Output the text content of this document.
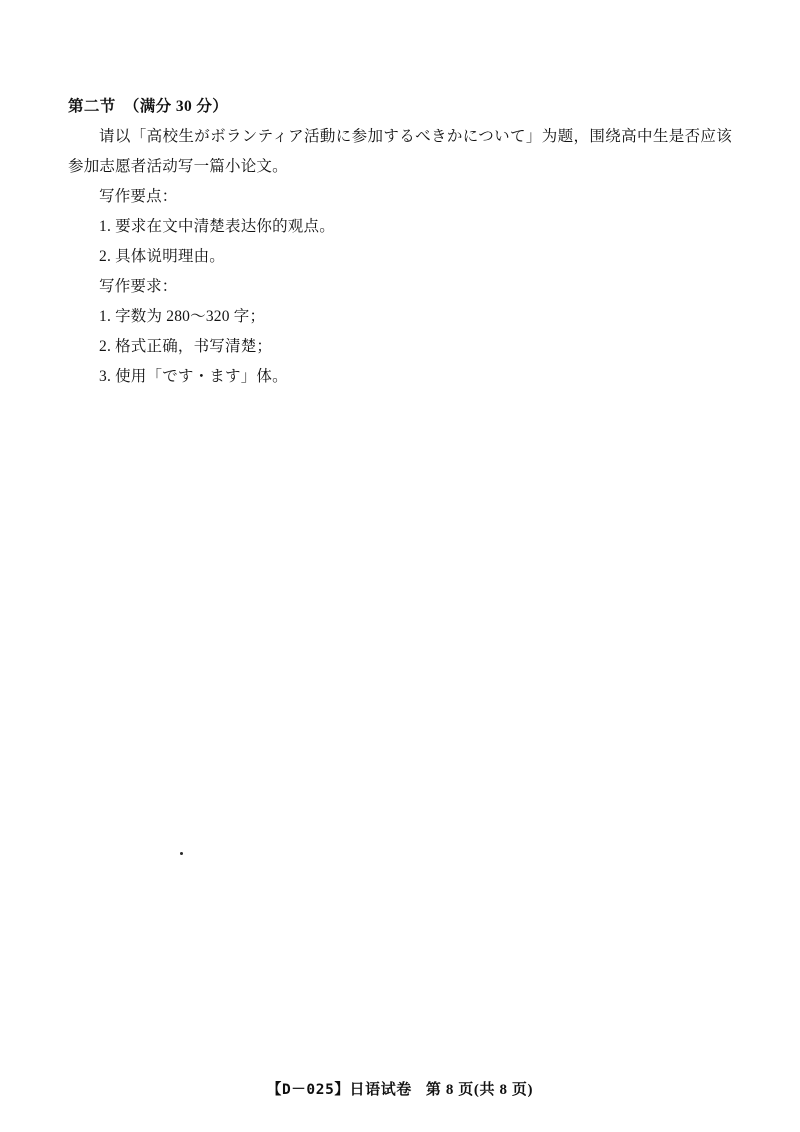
第二节　（满分 30 分）
请以「高校生がボランティア活動に参加するべきかについて」为题，围绕高中生是否应该参加志愿者活动写一篇小论文。
写作要点：
1. 要求在文中清楚表达你的观点。
2. 具体说明理由。
写作要求：
1. 字数为 280～320 字；
2. 格式正确，书写清楚；
3. 使用「です・ます」体。
【D－025】日语试卷 第 8 页(共 8 页)
